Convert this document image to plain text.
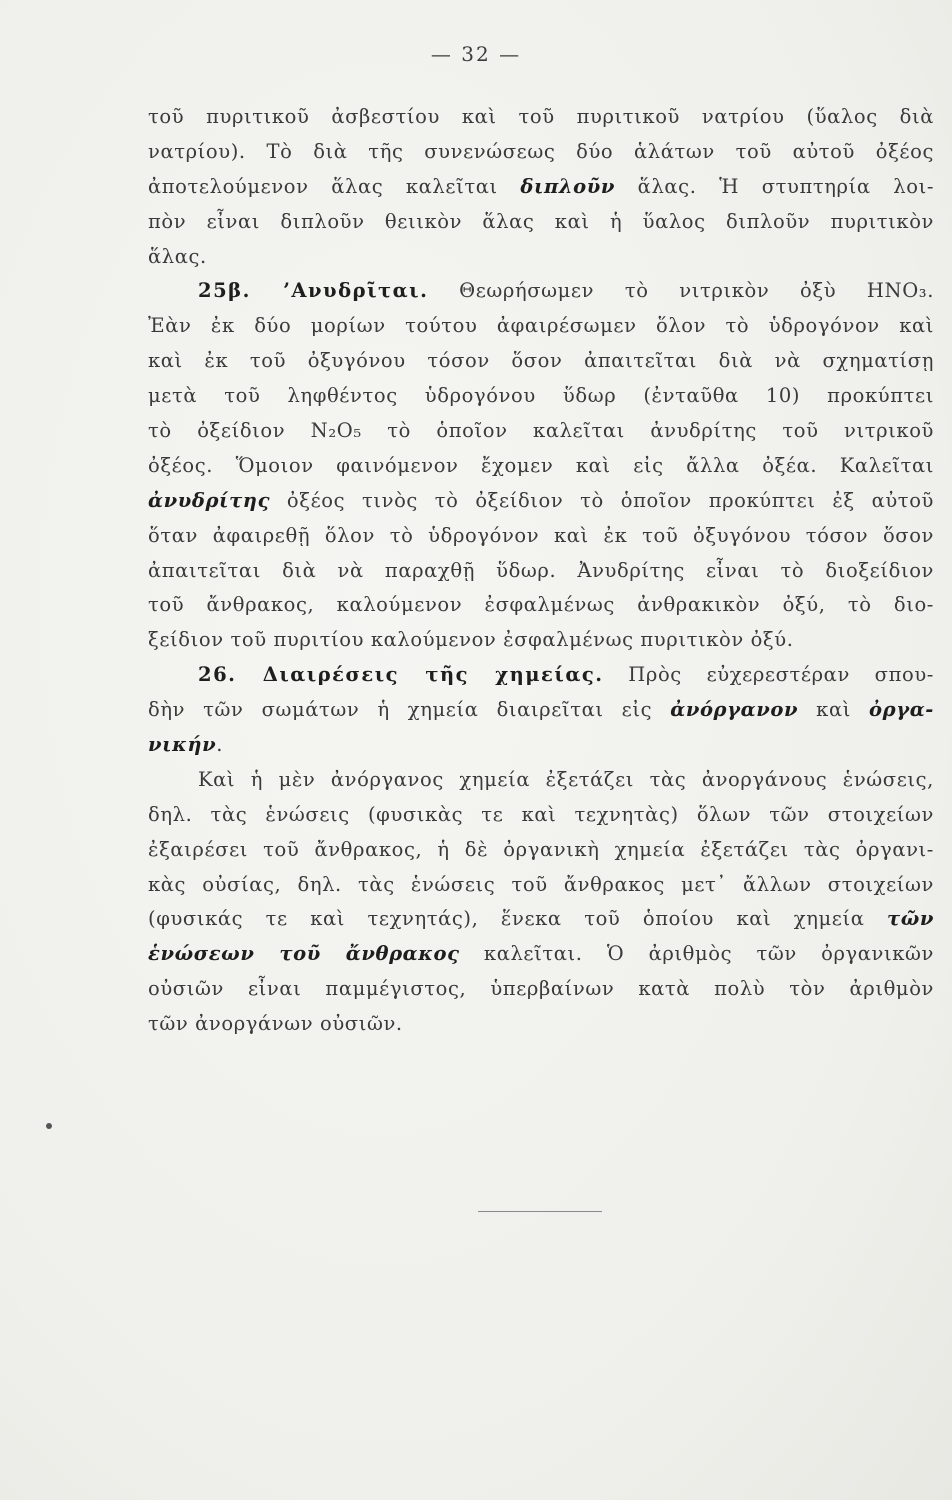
— 32 —
τοῦ πυριτικοῦ ἀσβεστίου καὶ τοῦ πυριτικοῦ νατρίου (ὕαλος διὰ
νατρίου). Τὸ διὰ τῆς συνενώσεως δύο ἁλάτων τοῦ αὐτοῦ ὀξέος
ἀποτελούμενον ἅλας καλεῖται διπλοῦν ἅλας. Ἡ στυπτηρία λοι-
πὸν εἶναι διπλοῦν θειικὸν ἅλας καὶ ἡ ὕαλος διπλοῦν πυριτικὸν
ἅλας.
25β. ’Ανυδρῖται. Θεωρήσωμεν τὸ νιτρικὸν ὀξὺ HNO₃.
Ἐὰν ἐκ δύο μορίων τούτου ἀφαιρέσωμεν ὅλον τὸ ὑδρογόνον καὶ
καὶ ἐκ τοῦ ὀξυγόνου τόσον ὅσον ἀπαιτεῖται διὰ νὰ σχηματίσῃ
μετὰ τοῦ ληφθέντος ὑδρογόνου ὕδωρ (ἐνταῦθα 10) προκύπτει
τὸ ὀξείδιον N₂O₅ τὸ ὁποῖον καλεῖται ἀνυδρίτης τοῦ νιτρικοῦ
ὀξέος. Ὅμοιον φαινόμενον ἔχομεν καὶ εἰς ἄλλα ὀξέα. Καλεῖται
ἀνυδρίτης ὀξέος τινὸς τὸ ὀξείδιον τὸ ὁποῖον προκύπτει ἐξ αὐτοῦ
ὅταν ἀφαιρεθῇ ὅλον τὸ ὑδρογόνον καὶ ἐκ τοῦ ὀξυγόνου τόσον ὅσον
ἀπαιτεῖται διὰ νὰ παραχθῇ ὕδωρ. Ἀνυδρίτης εἶναι τὸ διοξείδιον
τοῦ ἄνθρακος, καλούμενον ἐσφαλμένως ἀνθρακικὸν ὀξύ, τὸ διο-
ξείδιον τοῦ πυριτίου καλούμενον ἐσφαλμένως πυριτικὸν ὀξύ.
26. Διαιρέσεις τῆς χημείας. Πρὸς εὐχερεστέραν σπου-
δὴν τῶν σωμάτων ἡ χημεία διαιρεῖται εἰς ἀνόργανον καὶ ὀργα-
νικήν.
Καὶ ἡ μὲν ἀνόργανος χημεία ἐξετάζει τὰς ἀνοργάνους ἑνώσεις,
δηλ. τὰς ἑνώσεις (φυσικὰς τε καὶ τεχνητὰς) ὅλων τῶν στοιχείων
ἐξαιρέσει τοῦ ἄνθρακος, ἡ δὲ ὀργανικὴ χημεία ἐξετάζει τὰς ὀργανι-
κὰς οὐσίας, δηλ. τὰς ἑνώσεις τοῦ ἄνθρακος μετ᾽ ἄλλων στοιχείων
(φυσικάς τε καὶ τεχνητάς), ἕνεκα τοῦ ὁποίου καὶ χημεία τῶν
ἑνώσεων τοῦ ἄνθρακος καλεῖται. Ὁ ἀριθμὸς τῶν ὀργανικῶν
οὐσιῶν εἶναι παμμέγιστος, ὑπερβαίνων κατὰ πολὺ τὸν ἀριθμὸν
τῶν ἀνοργάνων οὐσιῶν.
